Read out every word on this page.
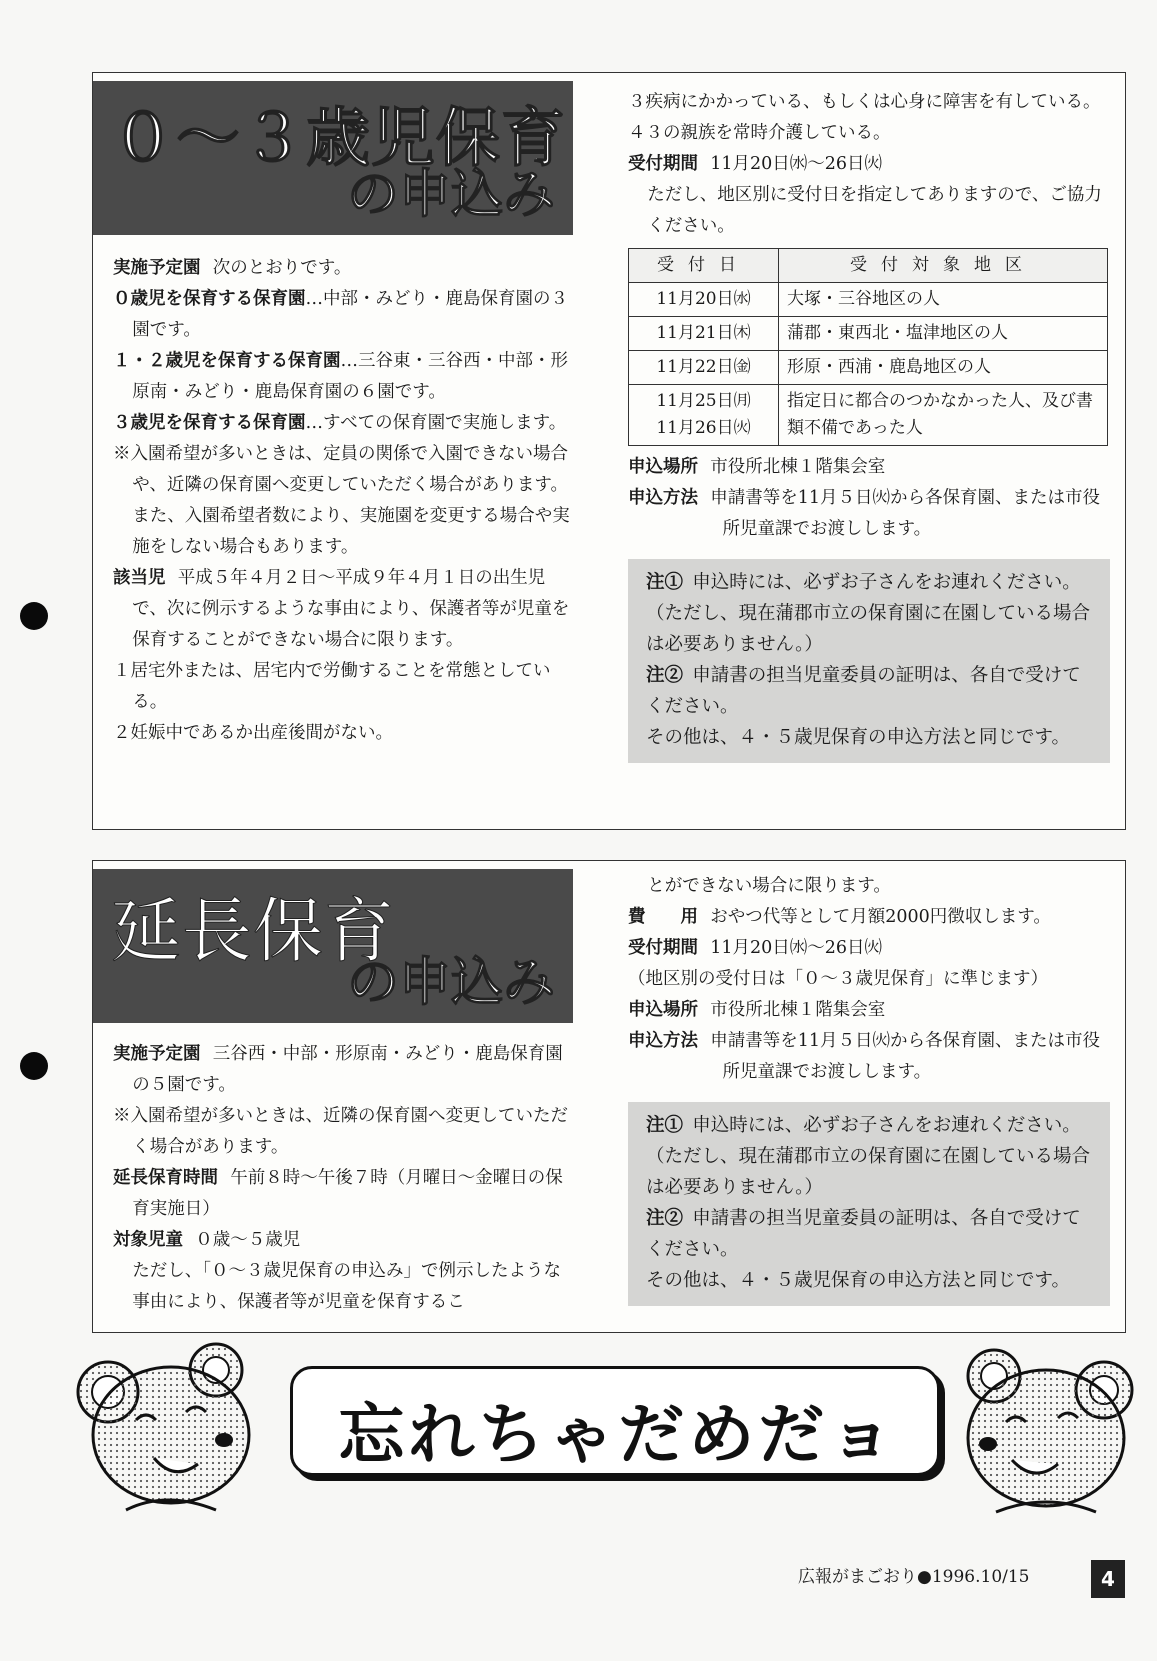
０～３歳児保育
の申込み

実施予定園 次のとおりです。

０歳児を保育する保育園…中部・みどり・鹿島保育園の３園です。

１・２歳児を保育する保育園…三谷東・三谷西・中部・形原南・みどり・鹿島保育園の６園です。

３歳児を保育する保育園…すべての保育園で実施します。

※入園希望が多いときは、定員の関係で入園できない場合や、近隣の保育園へ変更していただく場合があります。また、入園希望者数により、実施園を変更する場合や実施をしない場合もあります。

該当児 平成５年４月２日～平成９年４月１日の出生児で、次に例示するような事由により、保護者等が児童を保育することができない場合に限ります。

１居宅外または、居宅内で労働することを常態としている。

２妊娠中であるか出産後間がない。

３疾病にかかっている、もしくは心身に障害を有している。

４３の親族を常時介護している。

受付期間 11月20日㈬～26日㈫

ただし、地区別に受付日を指定してありますので、ご協力ください。

受付日	受付対象地区
11月20日㈬	大塚・三谷地区の人
11月21日㈭	蒲郡・東西北・塩津地区の人
11月22日㈮	形原・西浦・鹿島地区の人
11月25日㈪
11月26日㈫	指定日に都合のつかなかった人、及び書類不備であった人

申込場所 市役所北棟１階集会室

申込方法 申請書等を11月５日㈫から各保育園、または市役所児童課でお渡しします。

注① 申込時には、必ずお子さんをお連れください。（ただし、現在蒲郡市立の保育園に在園している場合は必要ありません。）

注② 申請書の担当児童委員の証明は、各自で受けてください。

その他は、４・５歳児保育の申込方法と同じです。

延長保育
の申込み

実施予定園 三谷西・中部・形原南・みどり・鹿島保育園の５園です。

※入園希望が多いときは、近隣の保育園へ変更していただく場合があります。

延長保育時間 午前８時～午後７時（月曜日～金曜日の保育実施日）

対象児童 ０歳～５歳児

ただし、「０～３歳児保育の申込み」で例示したような事由により、保護者等が児童を保育するこ

とができない場合に限ります。

費　　用 おやつ代等として月額2000円徴収します。

受付期間 11月20日㈬～26日㈫

（地区別の受付日は「０～３歳児保育」に準じます）

申込場所 市役所北棟１階集会室

申込方法 申請書等を11月５日㈫から各保育園、または市役所児童課でお渡しします。

注① 申込時には、必ずお子さんをお連れください。（ただし、現在蒲郡市立の保育園に在園している場合は必要ありません。）

注② 申請書の担当児童委員の証明は、各自で受けてください。

その他は、４・５歳児保育の申込方法と同じです。

忘れちゃだめだョ
広報がまごおり●1996.10/15	4
